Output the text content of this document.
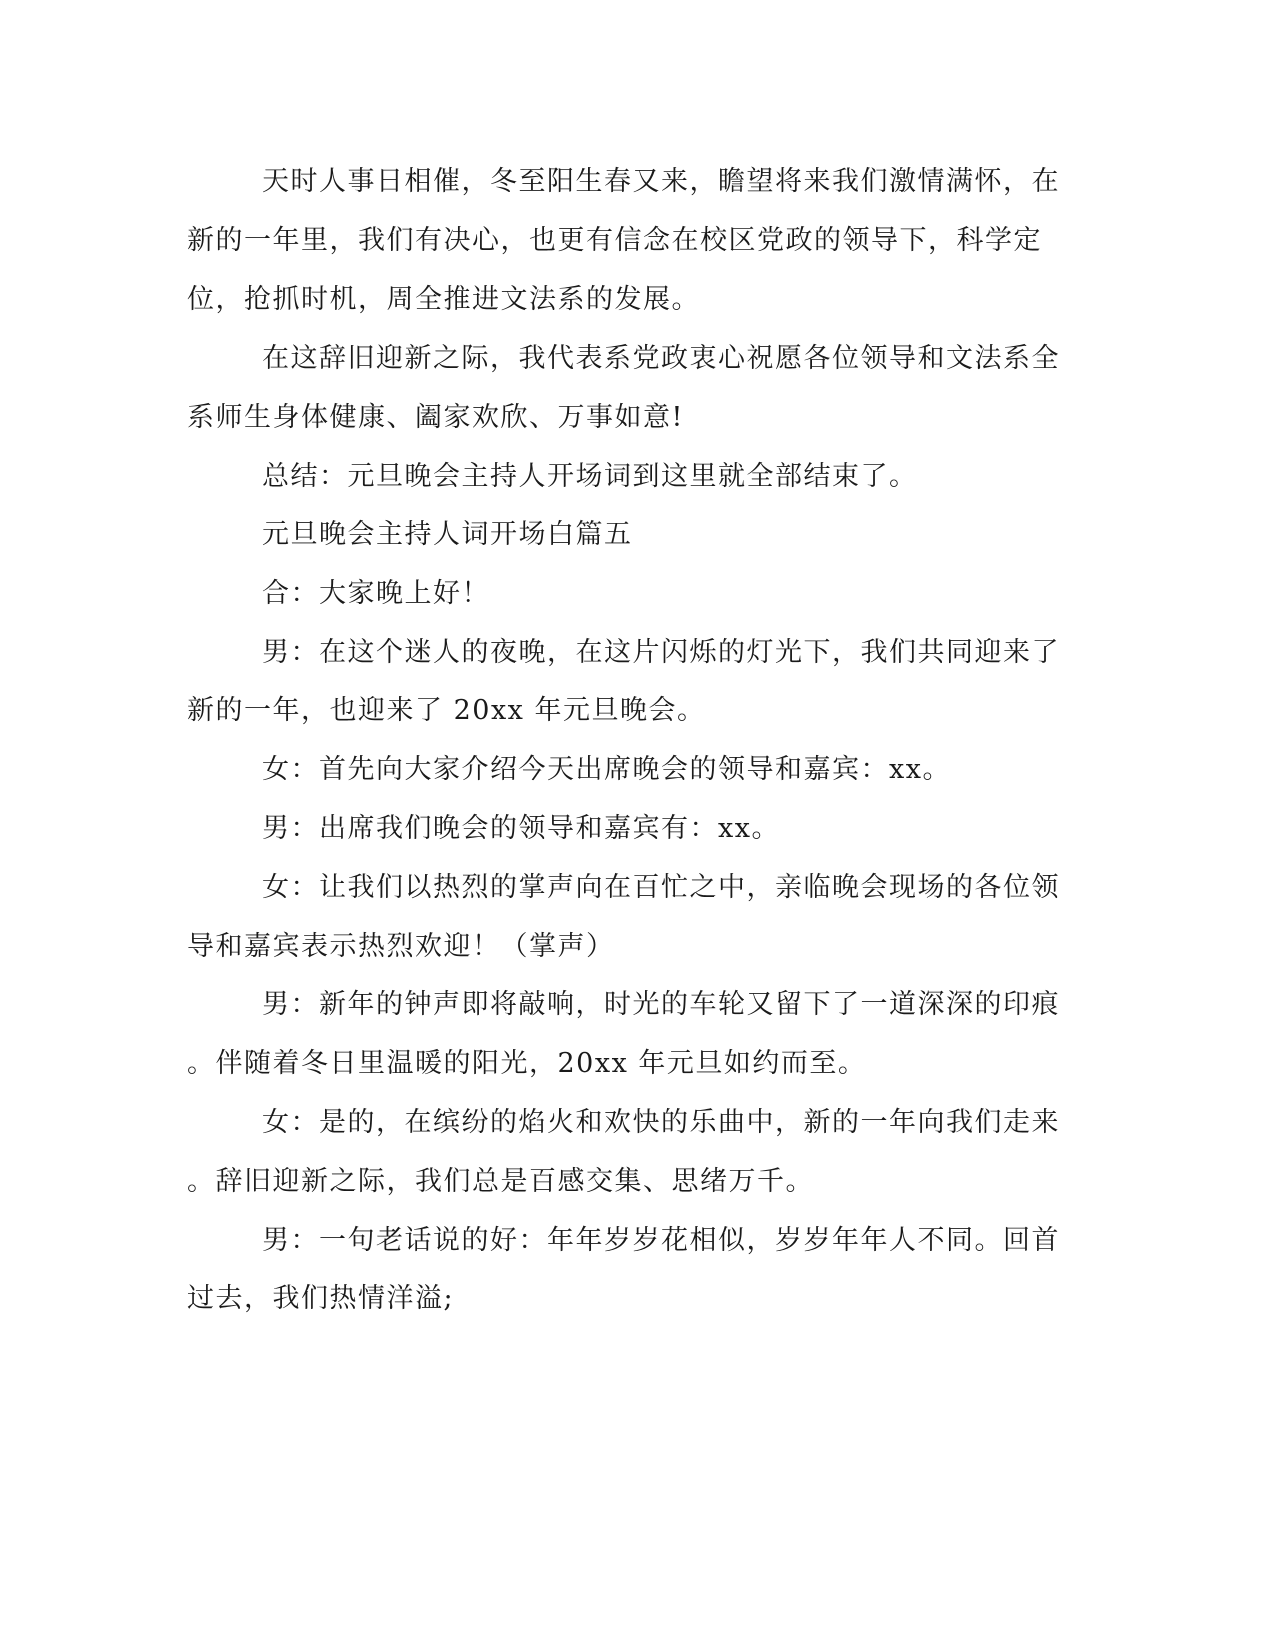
天时人事日相催，冬至阳生春又来，瞻望将来我们激情满怀，在
新的一年里，我们有决心，也更有信念在校区党政的领导下，科学定
位，抢抓时机，周全推进文法系的发展。
在这辞旧迎新之际，我代表系党政衷心祝愿各位领导和文法系全
系师生身体健康、阖家欢欣、万事如意!
总结：元旦晚会主持人开场词到这里就全部结束了。
元旦晚会主持人词开场白篇五
合：大家晚上好！
男：在这个迷人的夜晚，在这片闪烁的灯光下，我们共同迎来了
新的一年，也迎来了 20xx 年元旦晚会。
女：首先向大家介绍今天出席晚会的领导和嘉宾：xx。
男：出席我们晚会的领导和嘉宾有：xx。
女：让我们以热烈的掌声向在百忙之中，亲临晚会现场的各位领
导和嘉宾表示热烈欢迎！（掌声）
男：新年的钟声即将敲响，时光的车轮又留下了一道深深的印痕
。伴随着冬日里温暖的阳光，20xx 年元旦如约而至。
女：是的，在缤纷的焰火和欢快的乐曲中，新的一年向我们走来
。辞旧迎新之际，我们总是百感交集、思绪万千。
男：一句老话说的好：年年岁岁花相似，岁岁年年人不同。回首
过去，我们热情洋溢;
